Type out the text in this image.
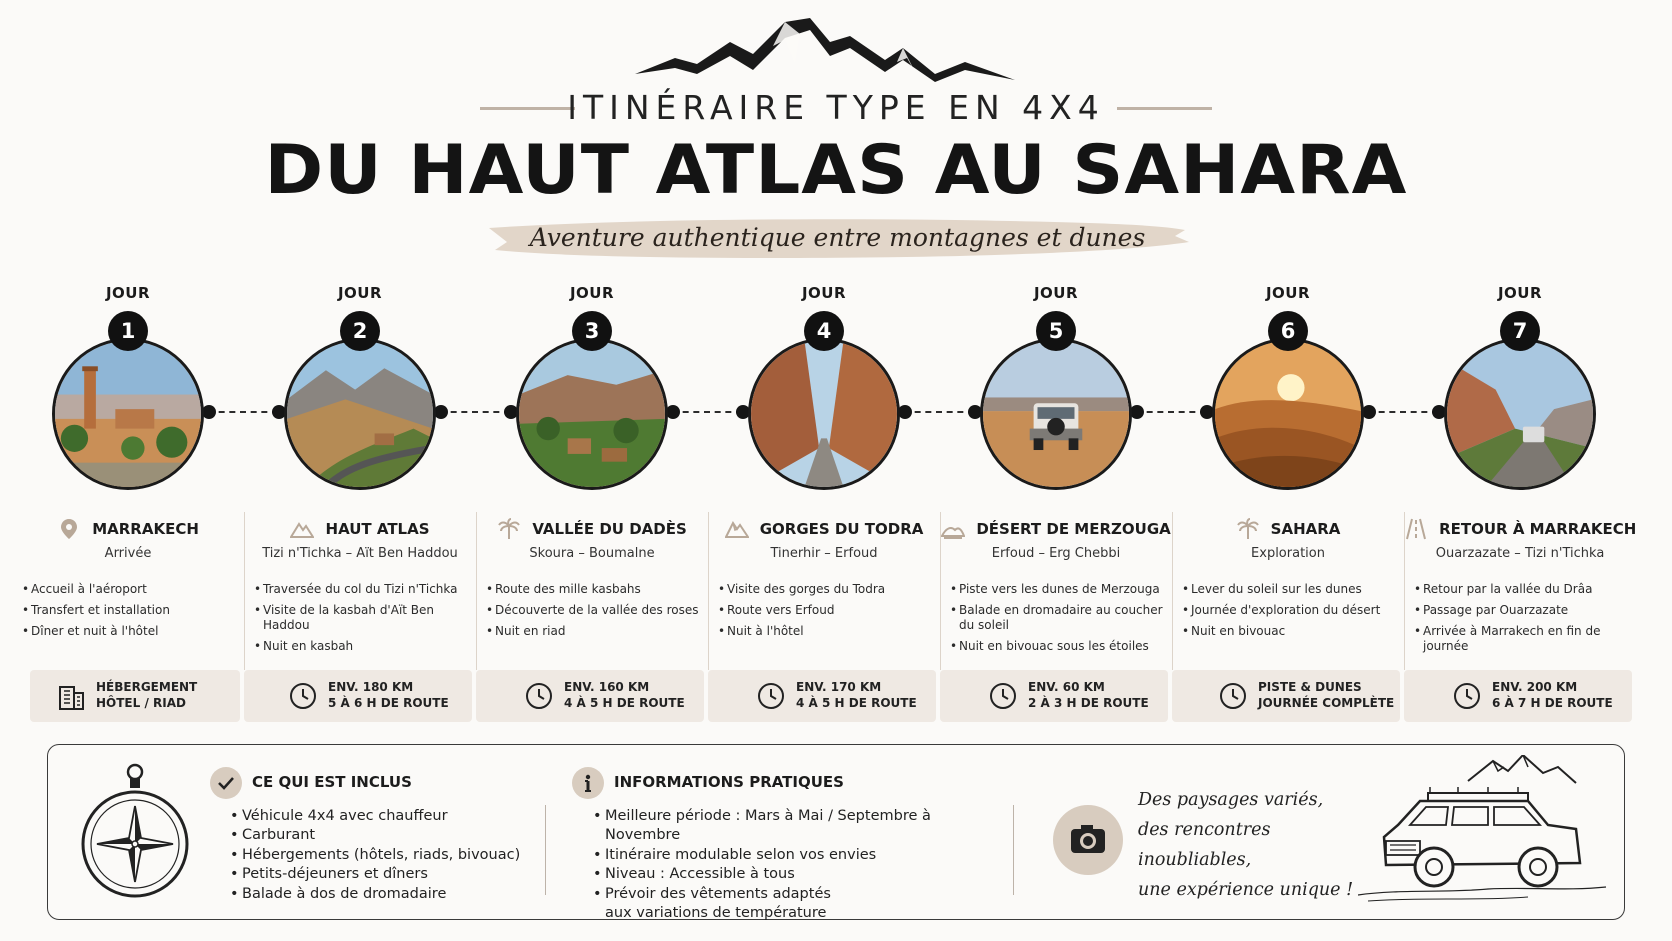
ITINÉRAIRE TYPE EN 4X4
DU HAUT ATLAS AU SAHARA
Aventure authentique entre montagnes et dunes
JOUR
1
JOUR
2
JOUR
3
JOUR
4
JOUR
5
JOUR
6
JOUR
7
MARRAKECH
Arrivée
• Accueil à l'aéroport
• Transfert et installation
• Dîner et nuit à l'hôtel
HAUT ATLAS
Tizi n'Tichka – Aït Ben Haddou
• Traversée du col du Tizi n'Tichka
• Visite de la kasbah d'Aït Ben Haddou
• Nuit en kasbah
VALLÉE DU DADÈS
Skoura – Boumalne
• Route des mille kasbahs
• Découverte de la vallée des roses
• Nuit en riad
GORGES DU TODRA
Tinerhir – Erfoud
• Visite des gorges du Todra
• Route vers Erfoud
• Nuit à l'hôtel
DÉSERT DE MERZOUGA
Erfoud – Erg Chebbi
• Piste vers les dunes de Merzouga
• Balade en dromadaire au coucher du soleil
• Nuit en bivouac sous les étoiles
SAHARA
Exploration
• Lever du soleil sur les dunes
• Journée d'exploration du désert
• Nuit en bivouac
RETOUR À MARRAKECH
Ouarzazate – Tizi n'Tichka
• Retour par la vallée du Drâa
• Passage par Ouarzazate
• Arrivée à Marrakech en fin de journée
HÉBERGEMENT
HÔTEL / RIAD
ENV. 180 KM
5 À 6 H DE ROUTE
ENV. 160 KM
4 À 5 H DE ROUTE
ENV. 170 KM
4 À 5 H DE ROUTE
ENV. 60 KM
2 À 3 H DE ROUTE
PISTE & DUNES
JOURNÉE COMPLÈTE
ENV. 200 KM
6 À 7 H DE ROUTE
CE QUI EST INCLUS
• Véhicule 4x4 avec chauffeur
• Carburant
• Hébergements (hôtels, riads, bivouac)
• Petits-déjeuners et dîners
• Balade à dos de dromadaire
INFORMATIONS PRATIQUES
• Meilleure période : Mars à Mai / Septembre à Novembre
• Itinéraire modulable selon vos envies
• Niveau : Accessible à tous
• Prévoir des vêtements adaptés
aux variations de température
Des paysages variés,
des rencontres inoubliables,
une expérience unique !
